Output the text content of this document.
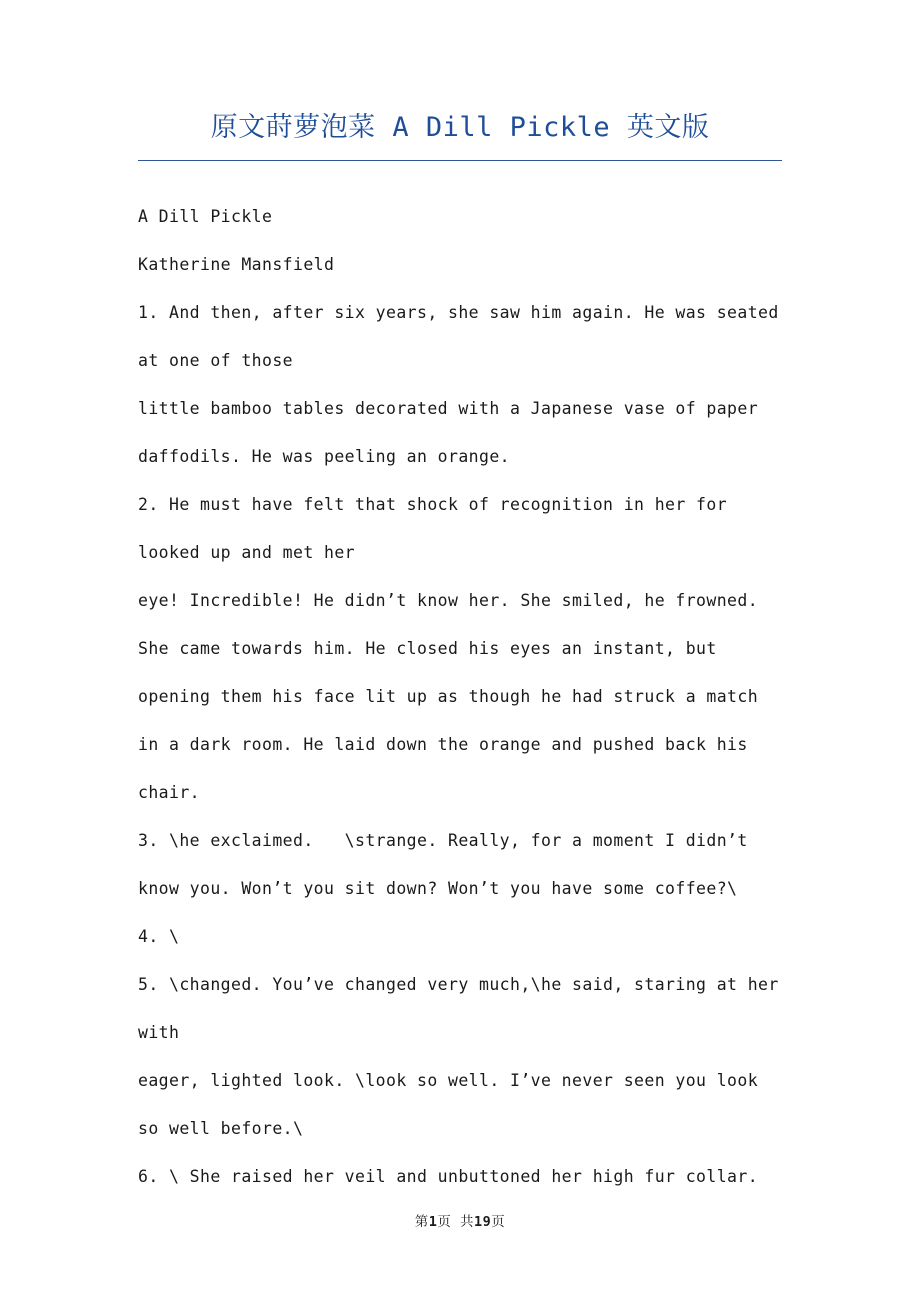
原文莳萝泡菜 A Dill Pickle 英文版

A Dill Pickle

Katherine Mansfield

1. And then, after six years, she saw him again. He was seated at one of those

little bamboo tables decorated with a Japanese vase of paper daffodils. He was peeling an orange.

2. He must have felt that shock of recognition in her for looked up and met her

eye! Incredible! He didn’t know her. She smiled, he frowned. She came towards him. He closed his eyes an instant, but opening them his face lit up as though he had struck a match in a dark room. He laid down the orange and pushed back his chair.

3. \he exclaimed.   \strange. Really, for a moment I didn’t know you. Won’t you sit down? Won’t you have some coffee?\

4. \

5. \changed. You’ve changed very much,\he said, staring at her with

eager, lighted look. \look so well. I’ve never seen you look so well before.\

6. \ She raised her veil and unbuttoned her high fur collar.

第1页 共19页
